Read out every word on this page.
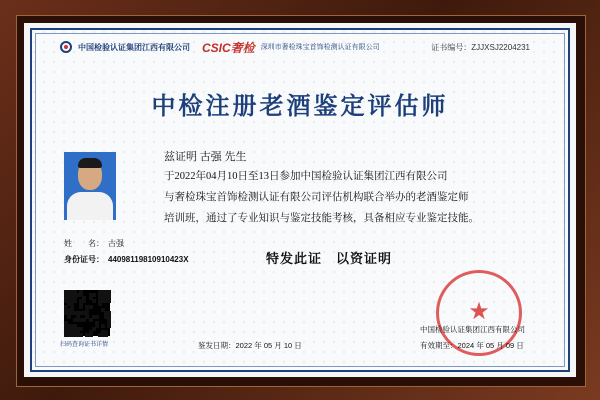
中国检验认证集团江西有限公司 CSIC奢检 深圳市奢检珠宝首饰检测认证有限公司	证书编号：ZJJXSJ2204231
中检注册老酒鉴定评估师
姓　　名： 古强
身份证号： 44098119810910423X
兹证明 古强 先生
于2022年04月10日至13日参加中国检验认证集团江西有限公司
与奢检珠宝首饰检测认证有限公司评估机构联合举办的老酒鉴定师
培训班，通过了专业知识与鉴定技能考核，具备相应专业鉴定技能。
特发此证　以资证明
扫码查询证书详情
★
中国检验认证集团江西有限公司
鉴发日期：2022 年 05 月 10 日	有效期至：2024 年 05 月 09 日
